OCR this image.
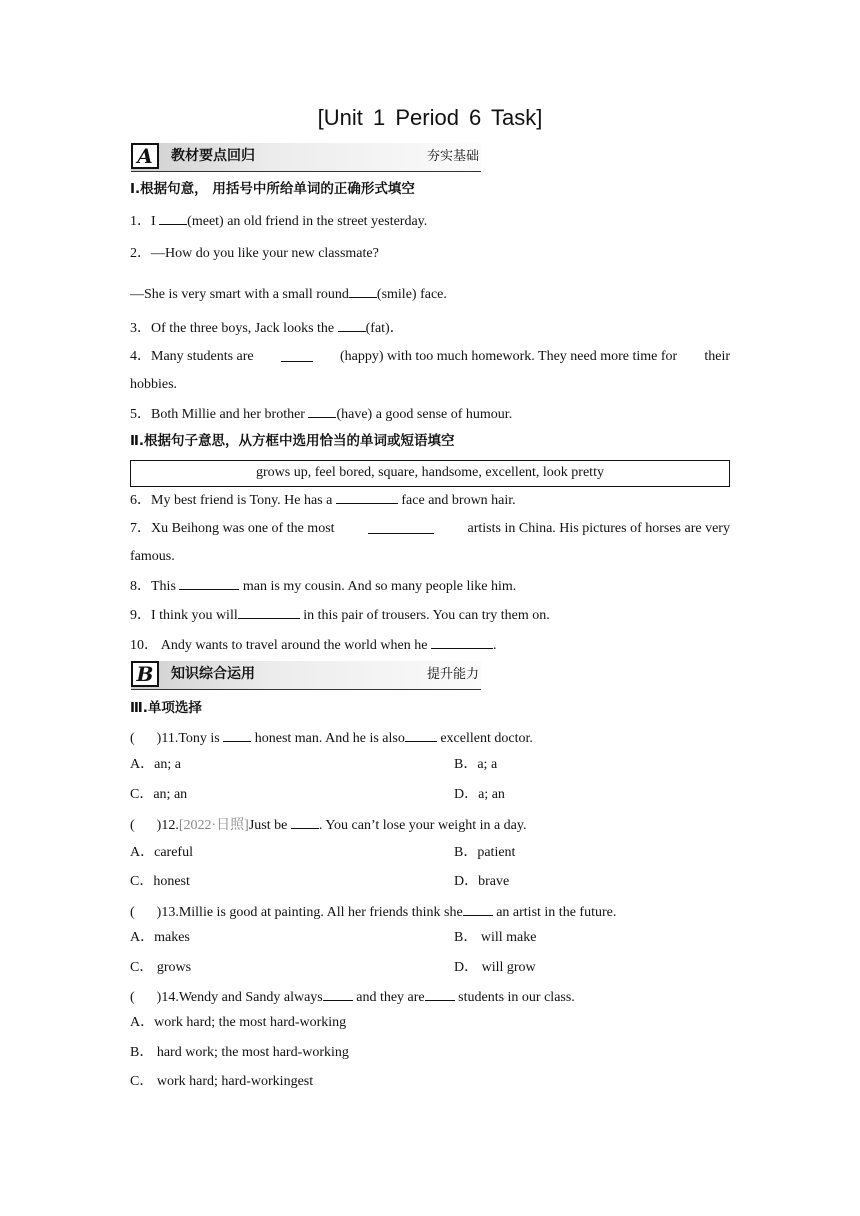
[Unit 1 Period 6 Task]
A	教材要点回归	夯实基础
Ⅰ.根据句意， 用括号中所给单词的正确形式填空
1．I (meet) an old friend in the street yesterday.
2．—How do you like your new classmate?
—She is very smart with a small round (smile) face.
3．Of the three boys, Jack looks the (fat)．
4．Many students are	(happy) with too much homework. They need more time for their
hobbies.
5．Both Millie and her brother (have) a good sense of humour.
Ⅱ.根据句子意思，从方框中选用恰当的单词或短语填空
grows up, feel bored, square, handsome, excellent, look pretty
6．My best friend is Tony. He has a	face and brown hair.
7．Xu Beihong was one of the most	artists in China. His pictures of horses are very
famous.
8．This	man is my cousin. And so many people like him.
9．I think you will	in this pair of trousers. You can try them on.
10． Andy wants to travel around the world when he	.
B	知识综合运用	提升能力
Ⅲ.单项选择
( )11.Tony is	honest man. And he is also	excellent doctor.
A．an; a	B．a; a
C．an; an	D．a; an
( )12.[2022·日照]Just be . You can’t lose your weight in a day.
A．careful	B．patient
C．honest	D．brave
( )13.Millie is good at painting. All her friends think she an artist in the future.
A．makes	B． will make
C． grows	D． will grow
( )14.Wendy and Sandy always and they are students in our class.
A．work hard; the most hard-working
B． hard work; the most hard-working
C． work hard; hard-workingest
